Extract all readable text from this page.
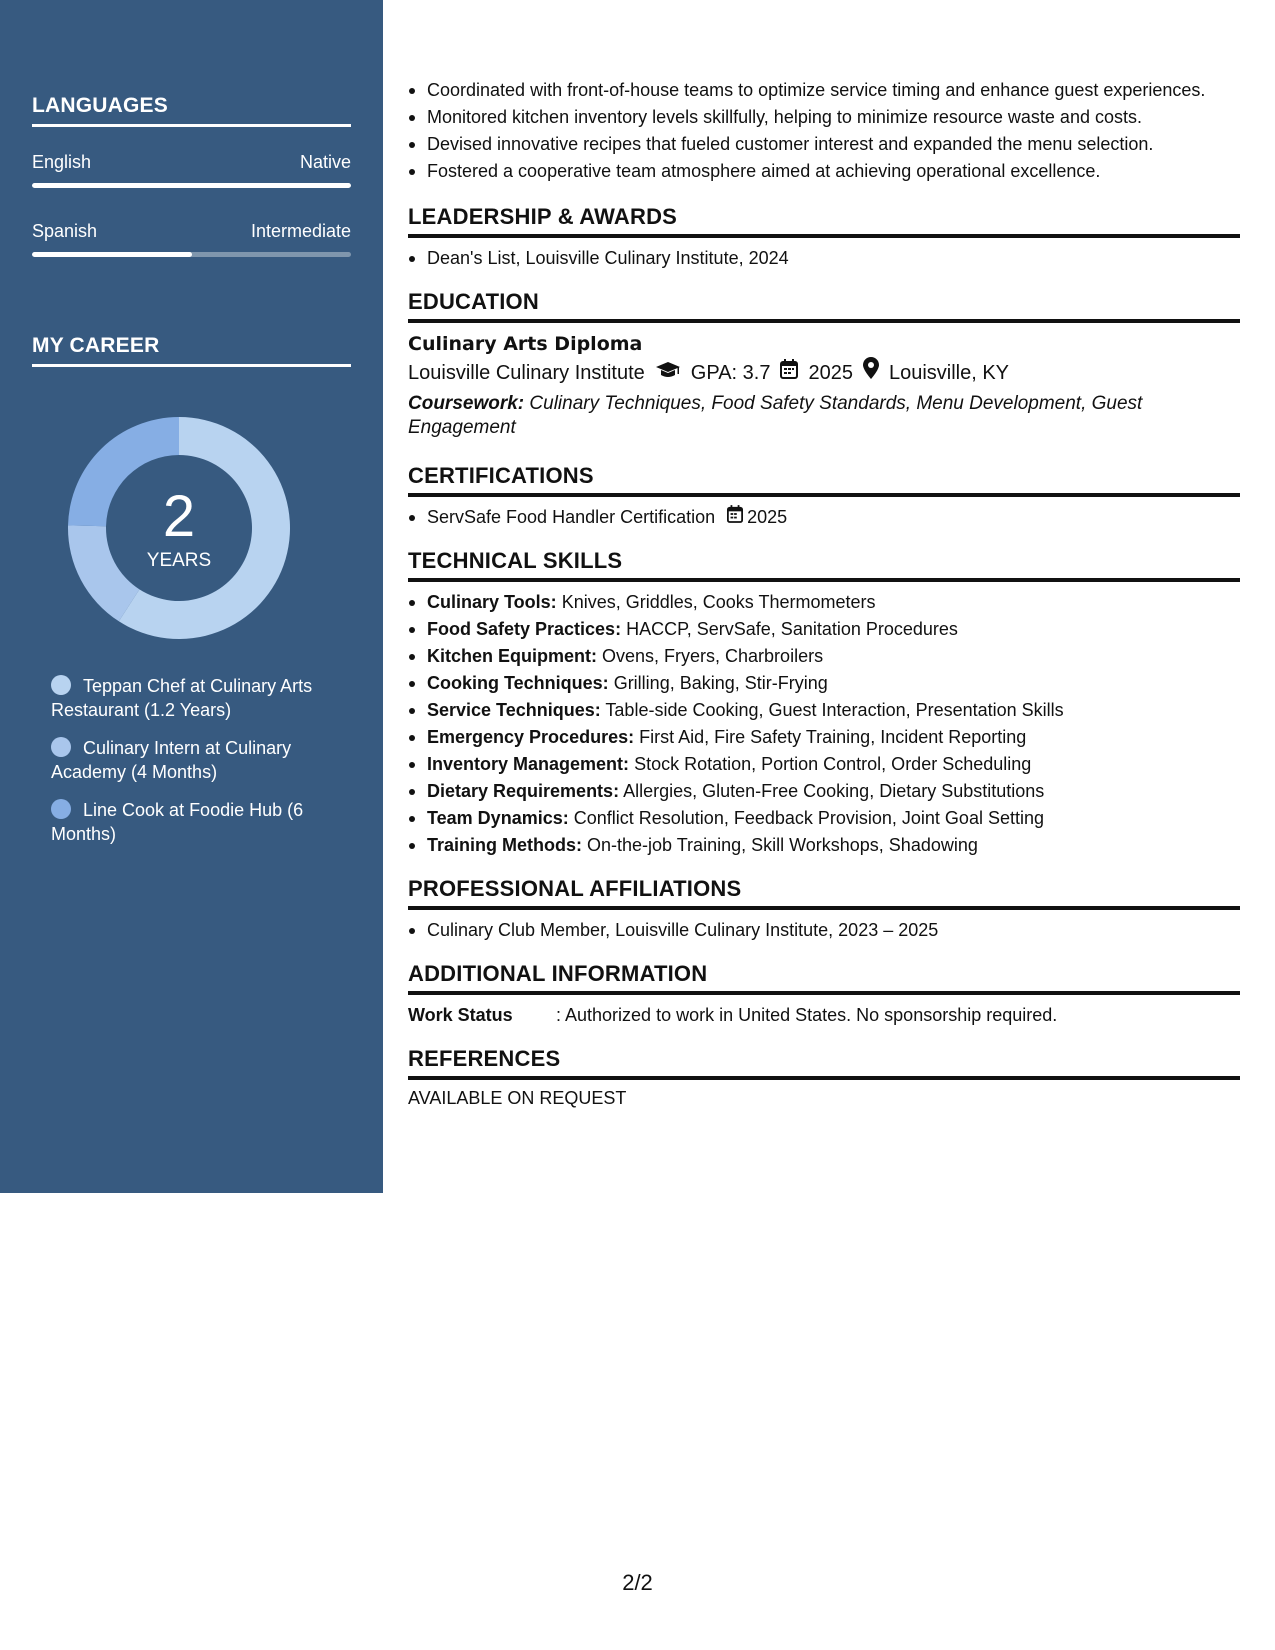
LANGUAGES
English	Native
Spanish	Intermediate
MY CAREER
2
YEARS
Teppan Chef at Culinary Arts Restaurant (1.2 Years)
Culinary Intern at Culinary Academy (4 Months)
Line Cook at Foodie Hub (6 Months)
Coordinated with front-of-house teams to optimize service timing and enhance guest experiences.
Monitored kitchen inventory levels skillfully, helping to minimize resource waste and costs.
Devised innovative recipes that fueled customer interest and expanded the menu selection.
Fostered a cooperative team atmosphere aimed at achieving operational excellence.
LEADERSHIP & AWARDS
Dean's List, Louisville Culinary Institute, 2024
EDUCATION
Culinary Arts Diploma
Louisville Culinary Institute GPA: 3.7 2025 Louisville, KY
Coursework: Culinary Techniques, Food Safety Standards, Menu Development, Guest Engagement
CERTIFICATIONS
ServSafe Food Handler Certification 2025
TECHNICAL SKILLS
Culinary Tools: Knives, Griddles, Cooks Thermometers
Food Safety Practices: HACCP, ServSafe, Sanitation Procedures
Kitchen Equipment: Ovens, Fryers, Charbroilers
Cooking Techniques: Grilling, Baking, Stir-Frying
Service Techniques: Table-side Cooking, Guest Interaction, Presentation Skills
Emergency Procedures: First Aid, Fire Safety Training, Incident Reporting
Inventory Management: Stock Rotation, Portion Control, Order Scheduling
Dietary Requirements: Allergies, Gluten-Free Cooking, Dietary Substitutions
Team Dynamics: Conflict Resolution, Feedback Provision, Joint Goal Setting
Training Methods: On-the-job Training, Skill Workshops, Shadowing
PROFESSIONAL AFFILIATIONS
Culinary Club Member, Louisville Culinary Institute, 2023 – 2025
ADDITIONAL INFORMATION
Work Status	: Authorized to work in United States. No sponsorship required.
REFERENCES
AVAILABLE ON REQUEST
2/2
